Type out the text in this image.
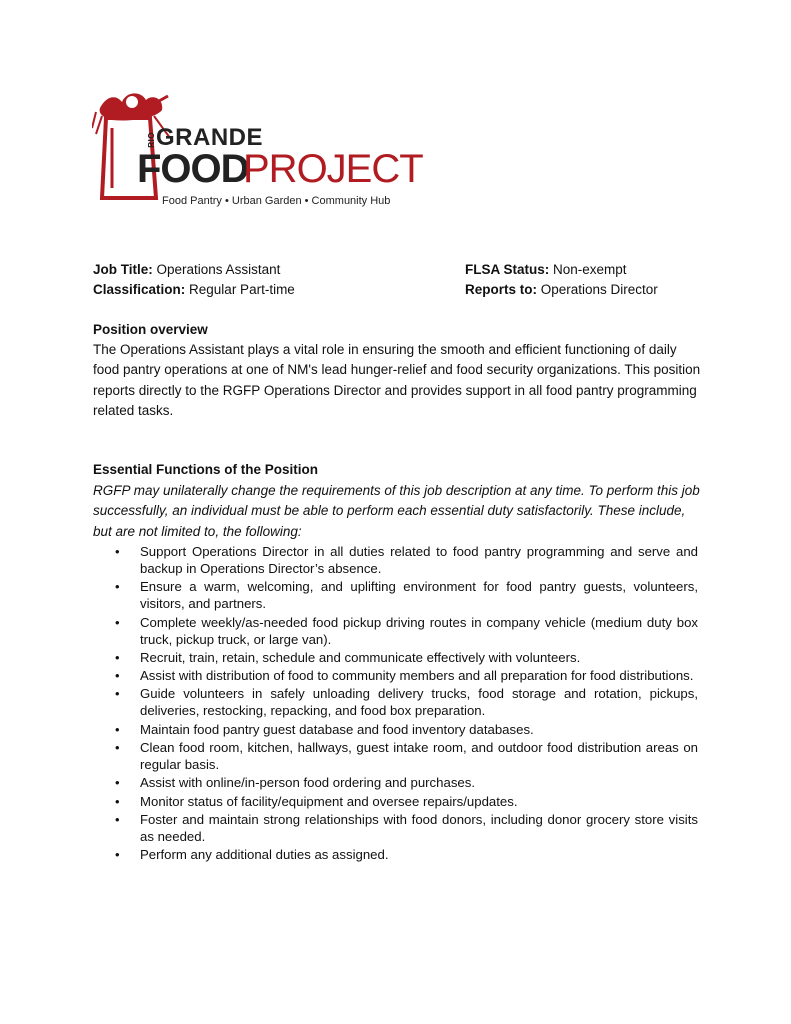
RIO GRANDE
FOOD
PROJECT
Food Pantry • Urban Garden • Community Hub
Job Title: Operations Assistant
Classification: Regular Part-time
FLSA Status: Non-exempt
Reports to: Operations Director
Position overview
The Operations Assistant plays a vital role in ensuring the smooth and efficient functioning of daily food pantry operations at one of NM's lead hunger-relief and food security organizations. This position reports directly to the RGFP Operations Director and provides support in all food pantry programming related tasks.
Essential Functions of the Position
RGFP may unilaterally change the requirements of this job description at any time. To perform this job successfully, an individual must be able to perform each essential duty satisfactorily. These include, but are not limited to, the following:
• Support Operations Director in all duties related to food pantry programming and serve and backup in Operations Director’s absence.
• Ensure a warm, welcoming, and uplifting environment for food pantry guests, volunteers, visitors, and partners.
• Complete weekly/as-needed food pickup driving routes in company vehicle (medium duty box truck, pickup truck, or large van).
• Recruit, train, retain, schedule and communicate effectively with volunteers.
• Assist with distribution of food to community members and all preparation for food distributions.
• Guide volunteers in safely unloading delivery trucks, food storage and rotation, pickups, deliveries, restocking, repacking, and food box preparation.
• Maintain food pantry guest database and food inventory databases.
• Clean food room, kitchen, hallways, guest intake room, and outdoor food distribution areas on regular basis.
• Assist with online/in-person food ordering and purchases.
• Monitor status of facility/equipment and oversee repairs/updates.
• Foster and maintain strong relationships with food donors, including donor grocery store visits as needed.
• Perform any additional duties as assigned.
